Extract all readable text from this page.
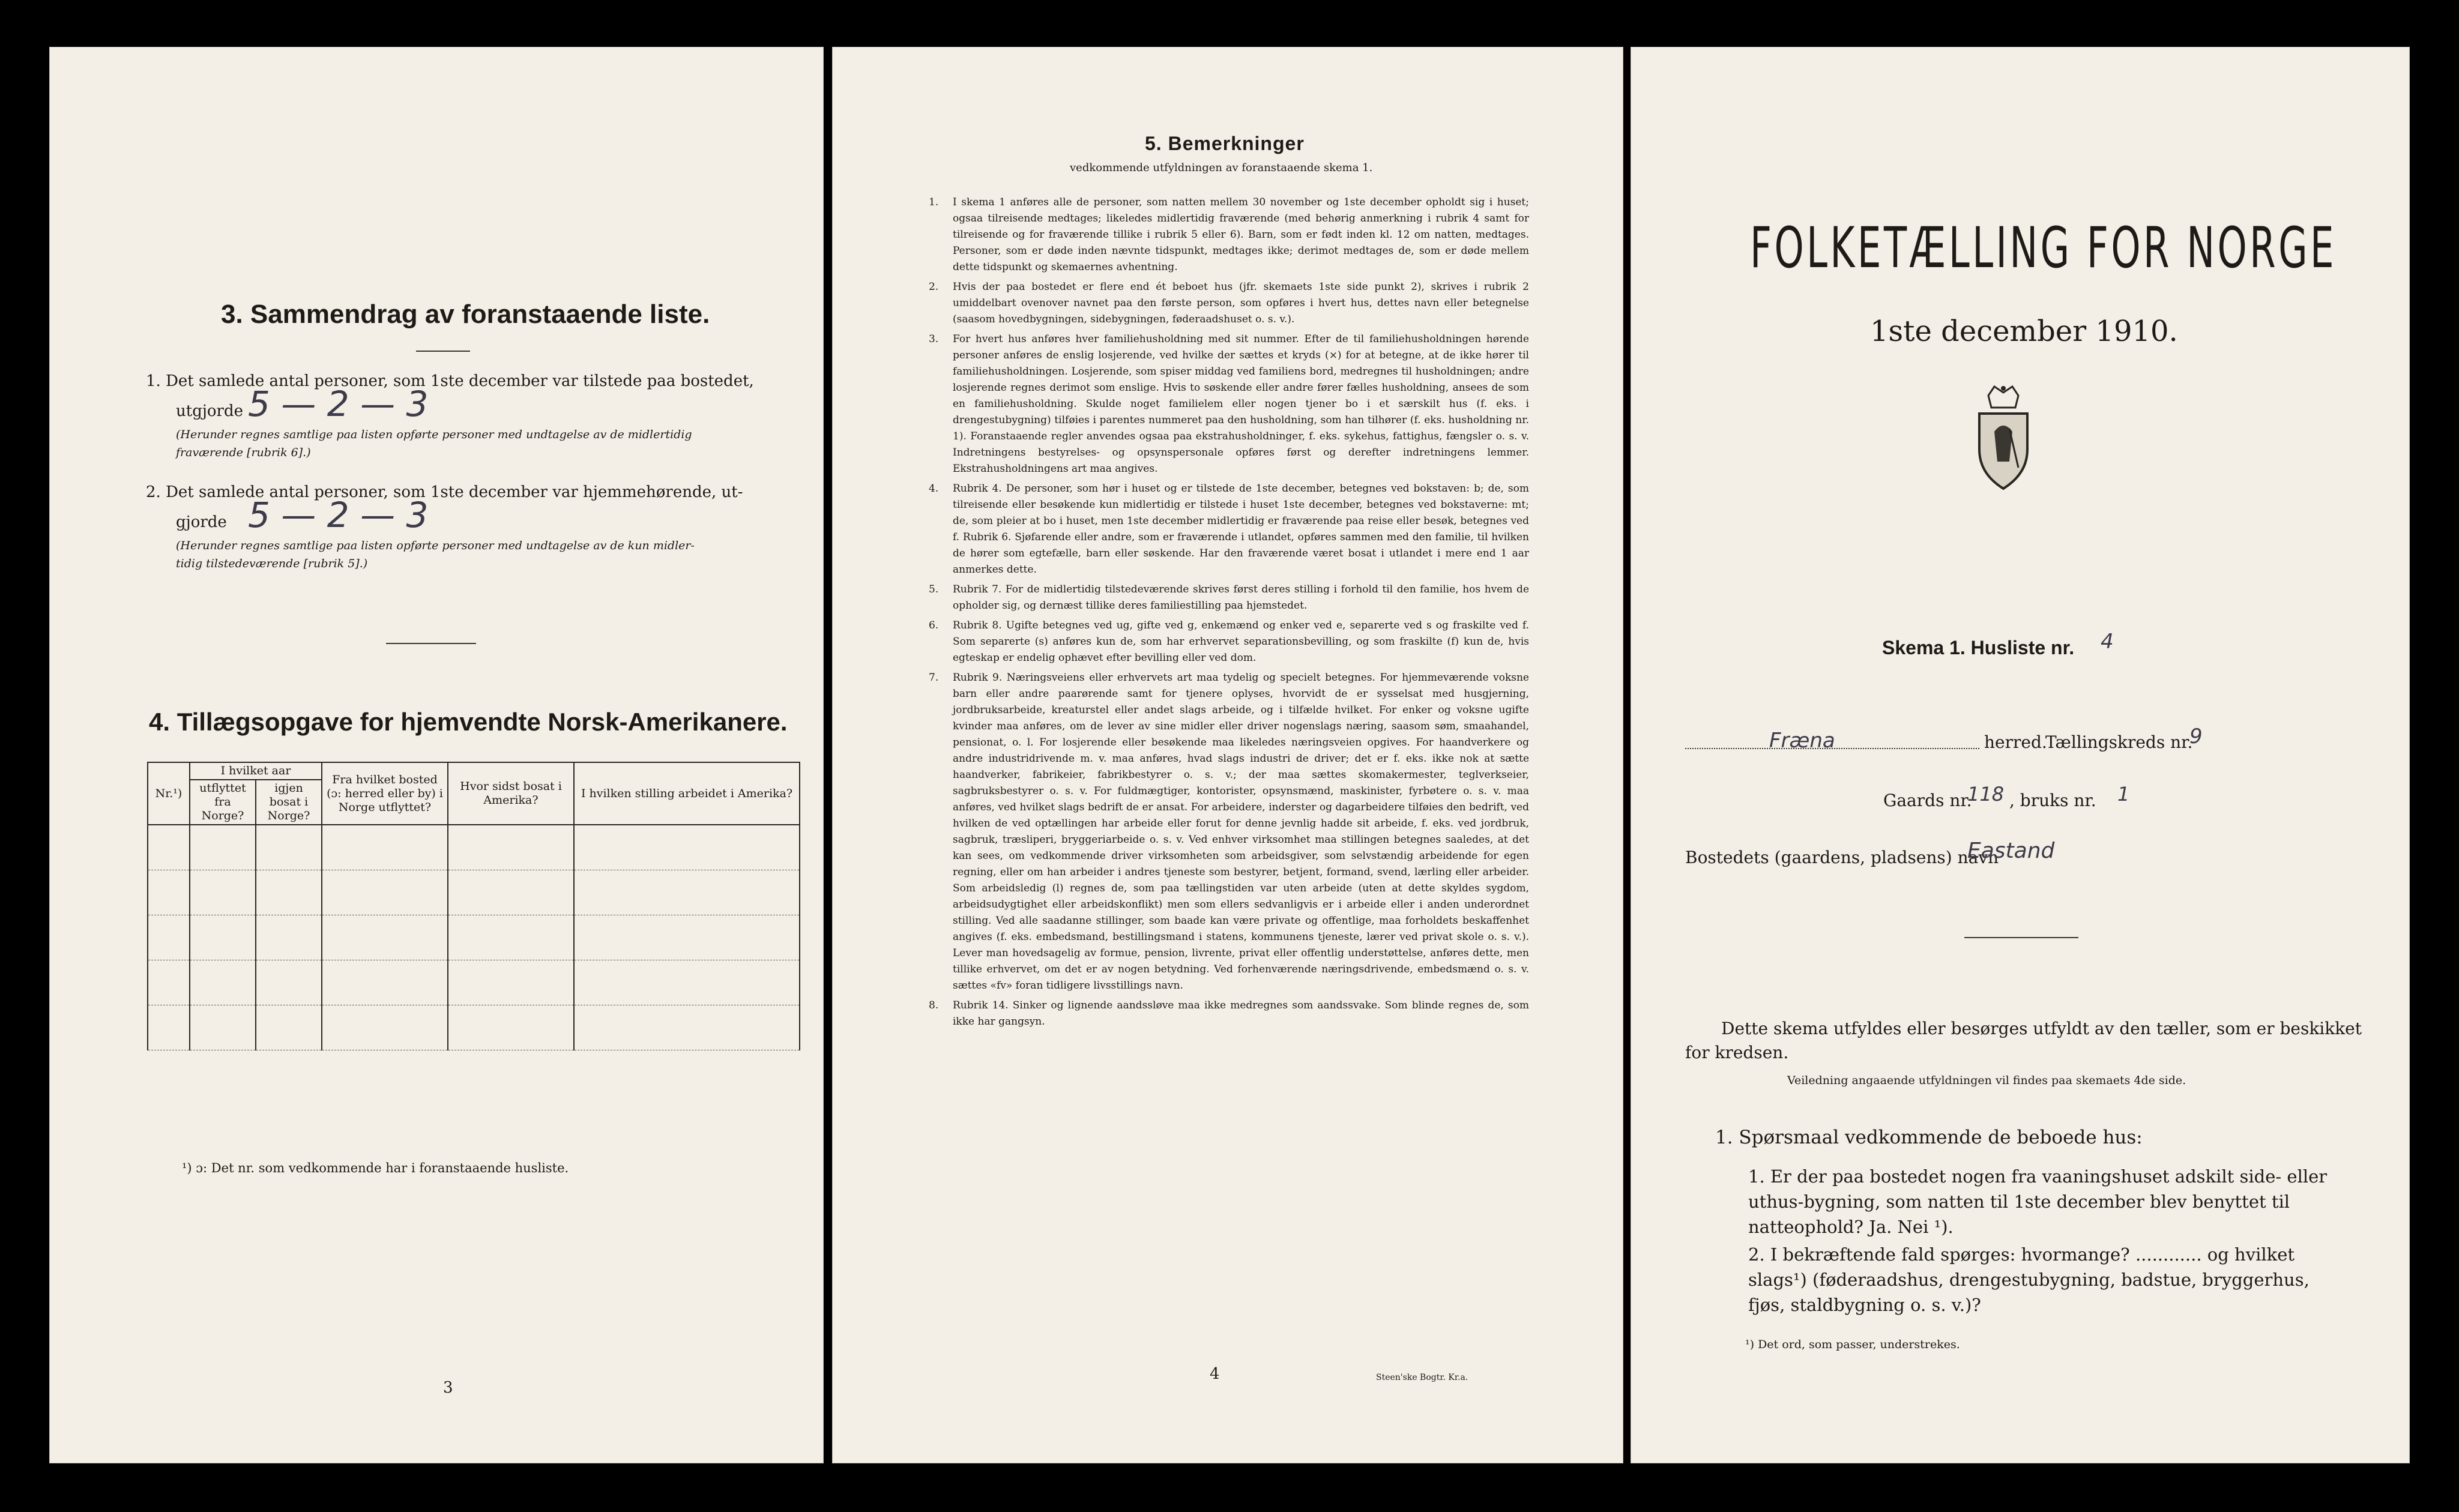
3. Sammendrag av foranstaaende liste.
1. Det samlede antal personer, som 1ste december var tilstede paa bostedet,
utgjorde 5 — 2 — 3
(Herunder regnes samtlige paa listen opførte personer med undtagelse av de midlertidig
fraværende [rubrik 6].)
2. Det samlede antal personer, som 1ste december var hjemmehørende, ut-
gjorde 5 — 2 — 3
(Herunder regnes samtlige paa listen opførte personer med undtagelse av de kun midler-
tidig tilstedeværende [rubrik 5].)
4. Tillægsopgave for hjemvendte Norsk-Amerikanere.
Nr.¹)	I hvilket aar		Fra hvilket bosted (ɔ: herred eller by) i Norge utflyttet?	Hvor sidst bosat i Amerika?	I hvilken stilling arbeidet i Amerika?
	utflyttet fra Norge?	igjen bosat i Norge?			

¹) ɔ: Det nr. som vedkommende har i foranstaaende husliste.
3
5. Bemerkninger
vedkommende utfyldningen av foranstaaende skema 1.
1. I skema 1 anføres alle de personer, som natten mellem 30 november og 1ste december opholdt sig i huset; ogsaa tilreisende medtages; likeledes midlertidig fraværende (med behørig anmerkning i rubrik 4 samt for tilreisende og for fraværende tillike i rubrik 5 eller 6). Barn, som er født inden kl. 12 om natten, medtages. Personer, som er døde inden nævnte tidspunkt, medtages ikke; derimot medtages de, som er døde mellem dette tidspunkt og skemaernes avhentning.
2. Hvis der paa bostedet er flere end ét beboet hus (jfr. skemaets 1ste side punkt 2), skrives i rubrik 2 umiddelbart ovenover navnet paa den første person, som opføres i hvert hus, dettes navn eller betegnelse (saasom hovedbygningen, sidebygningen, føderaadshuset o. s. v.).
3. For hvert hus anføres hver familiehusholdning med sit nummer. Efter de til familiehusholdningen hørende personer anføres de enslig losjerende, ved hvilke der sættes et kryds (×) for at betegne, at de ikke hører til familiehusholdningen. Losjerende, som spiser middag ved familiens bord, medregnes til husholdningen; andre losjerende regnes derimot som enslige. Hvis to søskende eller andre fører fælles husholdning, ansees de som en familiehusholdning. Skulde noget familielem eller nogen tjener bo i et særskilt hus (f. eks. i drengestubygning) tilføies i parentes nummeret paa den husholdning, som han tilhører (f. eks. husholdning nr. 1). Foranstaaende regler anvendes ogsaa paa ekstrahusholdninger, f. eks. sykehus, fattighus, fængsler o. s. v. Indretningens bestyrelses- og opsynspersonale opføres først og derefter indretningens lemmer. Ekstrahusholdningens art maa angives.
4. Rubrik 4. De personer, som hør i huset og er tilstede de 1ste december, betegnes ved bokstaven: b; de, som tilreisende eller besøkende kun midlertidig er tilstede i huset 1ste december, betegnes ved bokstaverne: mt; de, som pleier at bo i huset, men 1ste december midlertidig er fraværende paa reise eller besøk, betegnes ved f. Rubrik 6. Sjøfarende eller andre, som er fraværende i utlandet, opføres sammen med den familie, til hvilken de hører som egtefælle, barn eller søskende. Har den fraværende været bosat i utlandet i mere end 1 aar anmerkes dette.
5. Rubrik 7. For de midlertidig tilstedeværende skrives først deres stilling i forhold til den familie, hos hvem de opholder sig, og dernæst tillike deres familiestilling paa hjemstedet.
6. Rubrik 8. Ugifte betegnes ved ug, gifte ved g, enkemænd og enker ved e, separerte ved s og fraskilte ved f. Som separerte (s) anføres kun de, som har erhvervet separationsbevilling, og som fraskilte (f) kun de, hvis egteskap er endelig ophævet efter bevilling eller ved dom.
7. Rubrik 9. Næringsveiens eller erhvervets art maa tydelig og specielt betegnes. For hjemmeværende voksne barn eller andre paarørende samt for tjenere oplyses, hvorvidt de er sysselsat med husgjerning, jordbruksarbeide, kreaturstel eller andet slags arbeide, og i tilfælde hvilket. For enker og voksne ugifte kvinder maa anføres, om de lever av sine midler eller driver nogenslags næring, saasom søm, smaahandel, pensionat, o. l. For losjerende eller besøkende maa likeledes næringsveien opgives. For haandverkere og andre industridrivende m. v. maa anføres, hvad slags industri de driver; det er f. eks. ikke nok at sætte haandverker, fabrikeier, fabrikbestyrer o. s. v.; der maa sættes skomakermester, teglverkseier, sagbruksbestyrer o. s. v. For fuldmægtiger, kontorister, opsynsmænd, maskinister, fyrbøtere o. s. v. maa anføres, ved hvilket slags bedrift de er ansat. For arbeidere, inderster og dagarbeidere tilføies den bedrift, ved hvilken de ved optællingen har arbeide eller forut for denne jevnlig hadde sit arbeide, f. eks. ved jordbruk, sagbruk, træsliperi, bryggeriarbeide o. s. v. Ved enhver virksomhet maa stillingen betegnes saaledes, at det kan sees, om vedkommende driver virksomheten som arbeidsgiver, som selvstændig arbeidende for egen regning, eller om han arbeider i andres tjeneste som bestyrer, betjent, formand, svend, lærling eller arbeider. Som arbeidsledig (l) regnes de, som paa tællingstiden var uten arbeide (uten at dette skyldes sygdom, arbeidsudygtighet eller arbeidskonflikt) men som ellers sedvanligvis er i arbeide eller i anden underordnet stilling. Ved alle saadanne stillinger, som baade kan være private og offentlige, maa forholdets beskaffenhet angives (f. eks. embedsmand, bestillingsmand i statens, kommunens tjeneste, lærer ved privat skole o. s. v.). Lever man hovedsagelig av formue, pension, livrente, privat eller offentlig understøttelse, anføres dette, men tillike erhvervet, om det er av nogen betydning. Ved forhenværende næringsdrivende, embedsmænd o. s. v. sættes «fv» foran tidligere livsstillings navn.
8. Rubrik 14. Sinker og lignende aandssløve maa ikke medregnes som aandssvake. Som blinde regnes de, som ikke har gangsyn.
4	Steen'ske Bogtr. Kr.a.
FOLKETÆLLING FOR NORGE
1ste december 1910.
Skema 1. Husliste nr. 4
Fræna	herred.
Tællingskreds nr.
9
Gaards nr.
118 , bruks nr. 1
Bostedets (gaardens, pladsens) navn
Eastand
Dette skema utfyldes eller besørges utfyldt av den tæller, som er beskikket for kredsen.
Veiledning angaaende utfyldningen vil findes paa skemaets 4de side.
1. Spørsmaal vedkommende de beboede hus:
1. Er der paa bostedet nogen fra vaaningshuset adskilt side- eller uthus-bygning, som natten til 1ste december blev benyttet til natteophold? Ja. Nei ¹).
2. I bekræftende fald spørges: hvormange? ............ og hvilket slags¹) (føderaadshus, drengestubygning, badstue, bryggerhus, fjøs, staldbygning o. s. v.)?
¹) Det ord, som passer, understrekes.
